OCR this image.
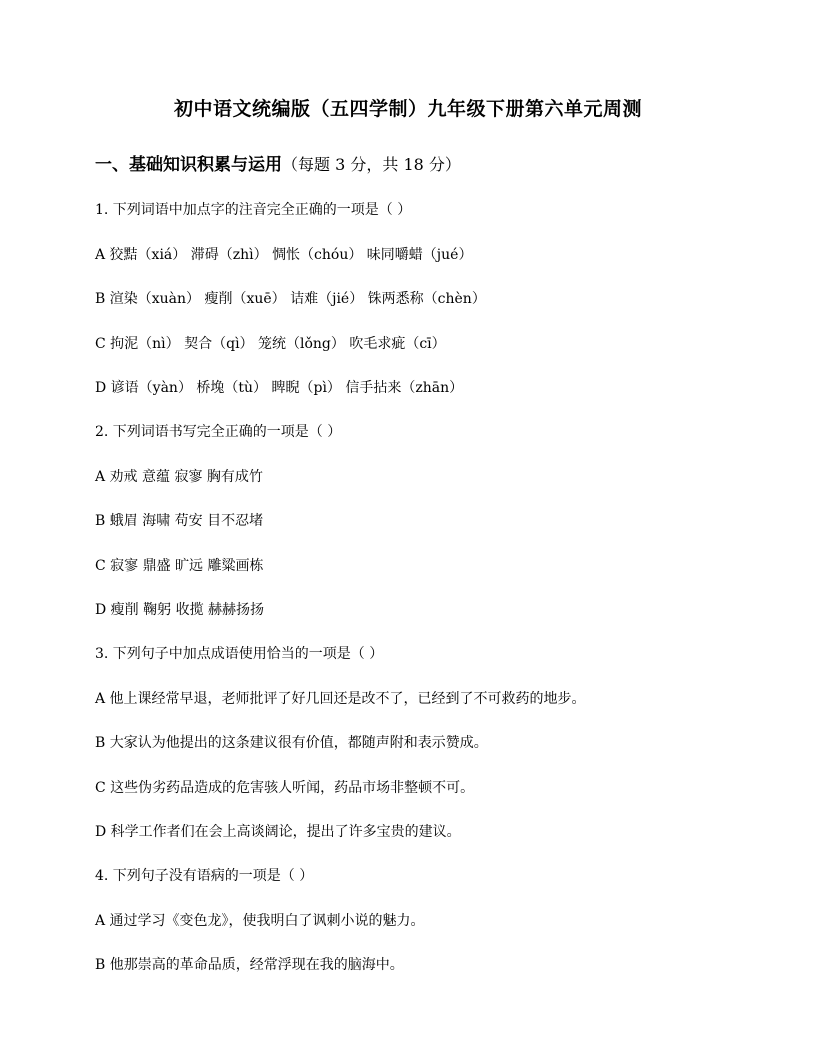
初中语文统编版（五四学制）九年级下册第六单元周测
一、基础知识积累与运用（每题 3 分，共 18 分）
1. 下列词语中加点字的注音完全正确的一项是（ ）
A 狡黠（xiá） 滞碍（zhì） 惆怅（chóu） 味同嚼蜡（jué）
B 渲染（xuàn） 瘦削（xuē） 诘难（jié） 铢两悉称（chèn）
C 拘泥（nì） 契合（qì） 笼统（lǒng） 吹毛求疵（cī）
D 谚语（yàn） 桥堍（tù） 睥睨（pì） 信手拈来（zhān）
2. 下列词语书写完全正确的一项是（ ）
A 劝戒 意蕴 寂寥 胸有成竹
B 蛾眉 海啸 苟安 目不忍堵
C 寂寥 鼎盛 旷远 雕粱画栋
D 瘦削 鞠躬 收揽 赫赫扬扬
3. 下列句子中加点成语使用恰当的一项是（ ）
A 他上课经常早退，老师批评了好几回还是改不了，已经到了不可救药的地步。
B 大家认为他提出的这条建议很有价值，都随声附和表示赞成。
C 这些伪劣药品造成的危害骇人听闻，药品市场非整顿不可。
D 科学工作者们在会上高谈阔论，提出了许多宝贵的建议。
4. 下列句子没有语病的一项是（ ）
A 通过学习《变色龙》，使我明白了讽刺小说的魅力。
B 他那崇高的革命品质，经常浮现在我的脑海中。
